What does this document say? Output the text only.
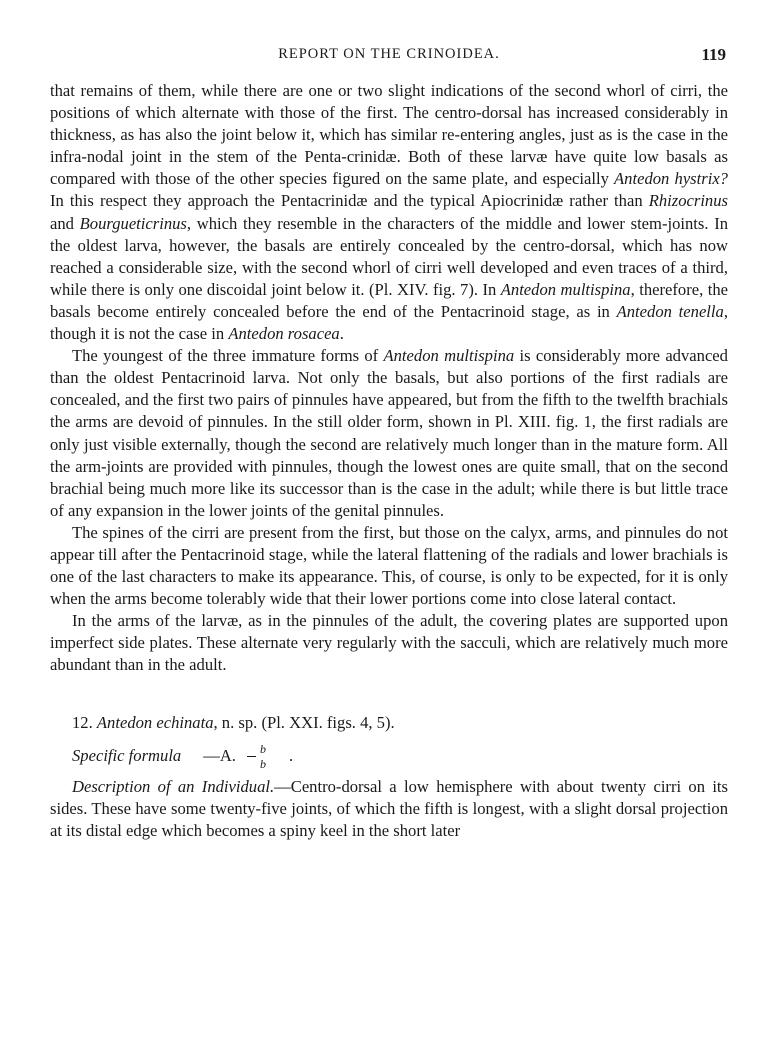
REPORT ON THE CRINOIDEA.	119

that remains of them, while there are one or two slight indications of the second whorl of cirri, the positions of which alternate with those of the first. The centro-dorsal has increased considerably in thickness, as has also the joint below it, which has similar re-entering angles, just as is the case in the infra-nodal joint in the stem of the Penta-crinidæ. Both of these larvæ have quite low basals as compared with those of the other species figured on the same plate, and especially Antedon hystrix? In this respect they approach the Pentacrinidæ and the typical Apiocrinidæ rather than Rhizocrinus and Bourgueticrinus, which they resemble in the characters of the middle and lower stem-joints. In the oldest larva, however, the basals are entirely concealed by the centro-dorsal, which has now reached a considerable size, with the second whorl of cirri well developed and even traces of a third, while there is only one discoidal joint below it. (Pl. XIV. fig. 7). In Antedon multispina, therefore, the basals become entirely concealed before the end of the Pentacrinoid stage, as in Antedon tenella, though it is not the case in Antedon rosacea.

The youngest of the three immature forms of Antedon multispina is considerably more advanced than the oldest Pentacrinoid larva. Not only the basals, but also portions of the first radials are concealed, and the first two pairs of pinnules have appeared, but from the fifth to the twelfth brachials the arms are devoid of pinnules. In the still older form, shown in Pl. XIII. fig. 1, the first radials are only just visible externally, though the second are relatively much longer than in the mature form. All the arm-joints are provided with pinnules, though the lowest ones are quite small, that on the second brachial being much more like its successor than is the case in the adult; while there is but little trace of any expansion in the lower joints of the genital pinnules.

The spines of the cirri are present from the first, but those on the calyx, arms, and pinnules do not appear till after the Pentacrinoid stage, while the lateral flattening of the radials and lower brachials is one of the last characters to make its appearance. This, of course, is only to be expected, for it is only when the arms become tolerably wide that their lower portions come into close lateral contact.

In the arms of the larvæ, as in the pinnules of the adult, the covering plates are supported upon imperfect side plates. These alternate very regularly with the sacculi, which are relatively much more abundant than in the adult.

12. Antedon echinata, n. sp. (Pl. XXI. figs. 4, 5).

Specific formula	—A. $\frac{b}{b}$	.

Description of an Individual.—Centro-dorsal a low hemisphere with about twenty cirri on its sides. These have some twenty-five joints, of which the fifth is longest, with a slight dorsal projection at its distal edge which becomes a spiny keel in the short later
